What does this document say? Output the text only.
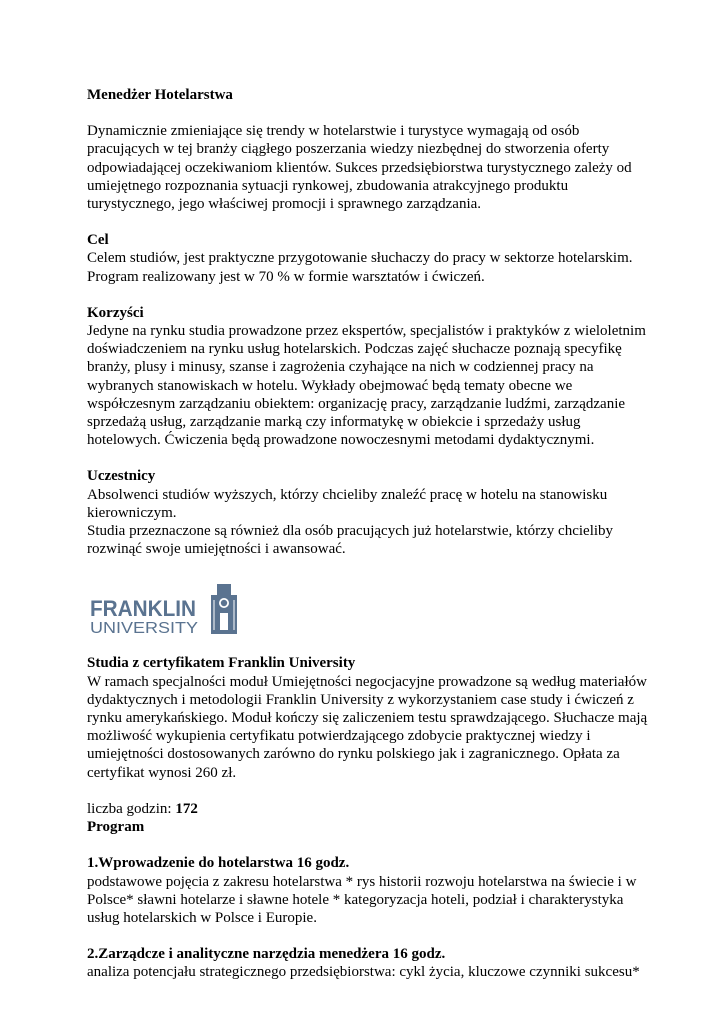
Menedżer Hotelarstwa
Dynamicznie zmieniające się trendy w hotelarstwie i turystyce wymagają od osób
pracujących w tej branży ciągłego poszerzania wiedzy niezbędnej do stworzenia oferty
odpowiadającej oczekiwaniom klientów. Sukces przedsiębiorstwa turystycznego zależy od
umiejętnego rozpoznania sytuacji rynkowej, zbudowania atrakcyjnego produktu
turystycznego, jego właściwej promocji i sprawnego zarządzania.
Cel
Celem studiów, jest praktyczne przygotowanie słuchaczy do pracy w sektorze hotelarskim.
Program realizowany jest w 70 % w formie warsztatów i ćwiczeń.
Korzyści
Jedyne na rynku studia prowadzone przez ekspertów, specjalistów i praktyków z wieloletnim
doświadczeniem na rynku usług hotelarskich. Podczas zajęć słuchacze poznają specyfikę
branży, plusy i minusy, szanse i zagrożenia czyhające na nich w codziennej pracy na
wybranych stanowiskach w hotelu. Wykłady obejmować będą tematy obecne we
współczesnym zarządzaniu obiektem: organizację pracy, zarządzanie ludźmi, zarządzanie
sprzedażą usług, zarządzanie marką czy informatykę w obiekcie i sprzedaży usług
hotelowych. Ćwiczenia będą prowadzone nowoczesnymi metodami dydaktycznymi.
Uczestnicy
Absolwenci studiów wyższych, którzy chcieliby znaleźć pracę w hotelu na stanowisku
kierowniczym.
Studia przeznaczone są również dla osób pracujących już hotelarstwie, którzy chcieliby
rozwinąć swoje umiejętności i awansować.
FRANKLIN
UNIVERSITY
Studia z certyfikatem Franklin University
W ramach specjalności moduł Umiejętności negocjacyjne prowadzone są według materiałów
dydaktycznych i metodologii Franklin University z wykorzystaniem case study i ćwiczeń z
rynku amerykańskiego. Moduł kończy się zaliczeniem testu sprawdzającego. Słuchacze mają
możliwość wykupienia certyfikatu potwierdzającego zdobycie praktycznej wiedzy i
umiejętności dostosowanych zarówno do rynku polskiego jak i zagranicznego. Opłata za
certyfikat wynosi 260 zł.
liczba godzin: 172
Program
1.Wprowadzenie do hotelarstwa 16 godz.
podstawowe pojęcia z zakresu hotelarstwa * rys historii rozwoju hotelarstwa na świecie i w
Polsce* sławni hotelarze i sławne hotele * kategoryzacja hoteli, podział i charakterystyka
usług hotelarskich w Polsce i Europie.
2.Zarządcze i analityczne narzędzia menedżera 16 godz.
analiza potencjału strategicznego przedsiębiorstwa: cykl życia, kluczowe czynniki sukcesu*
